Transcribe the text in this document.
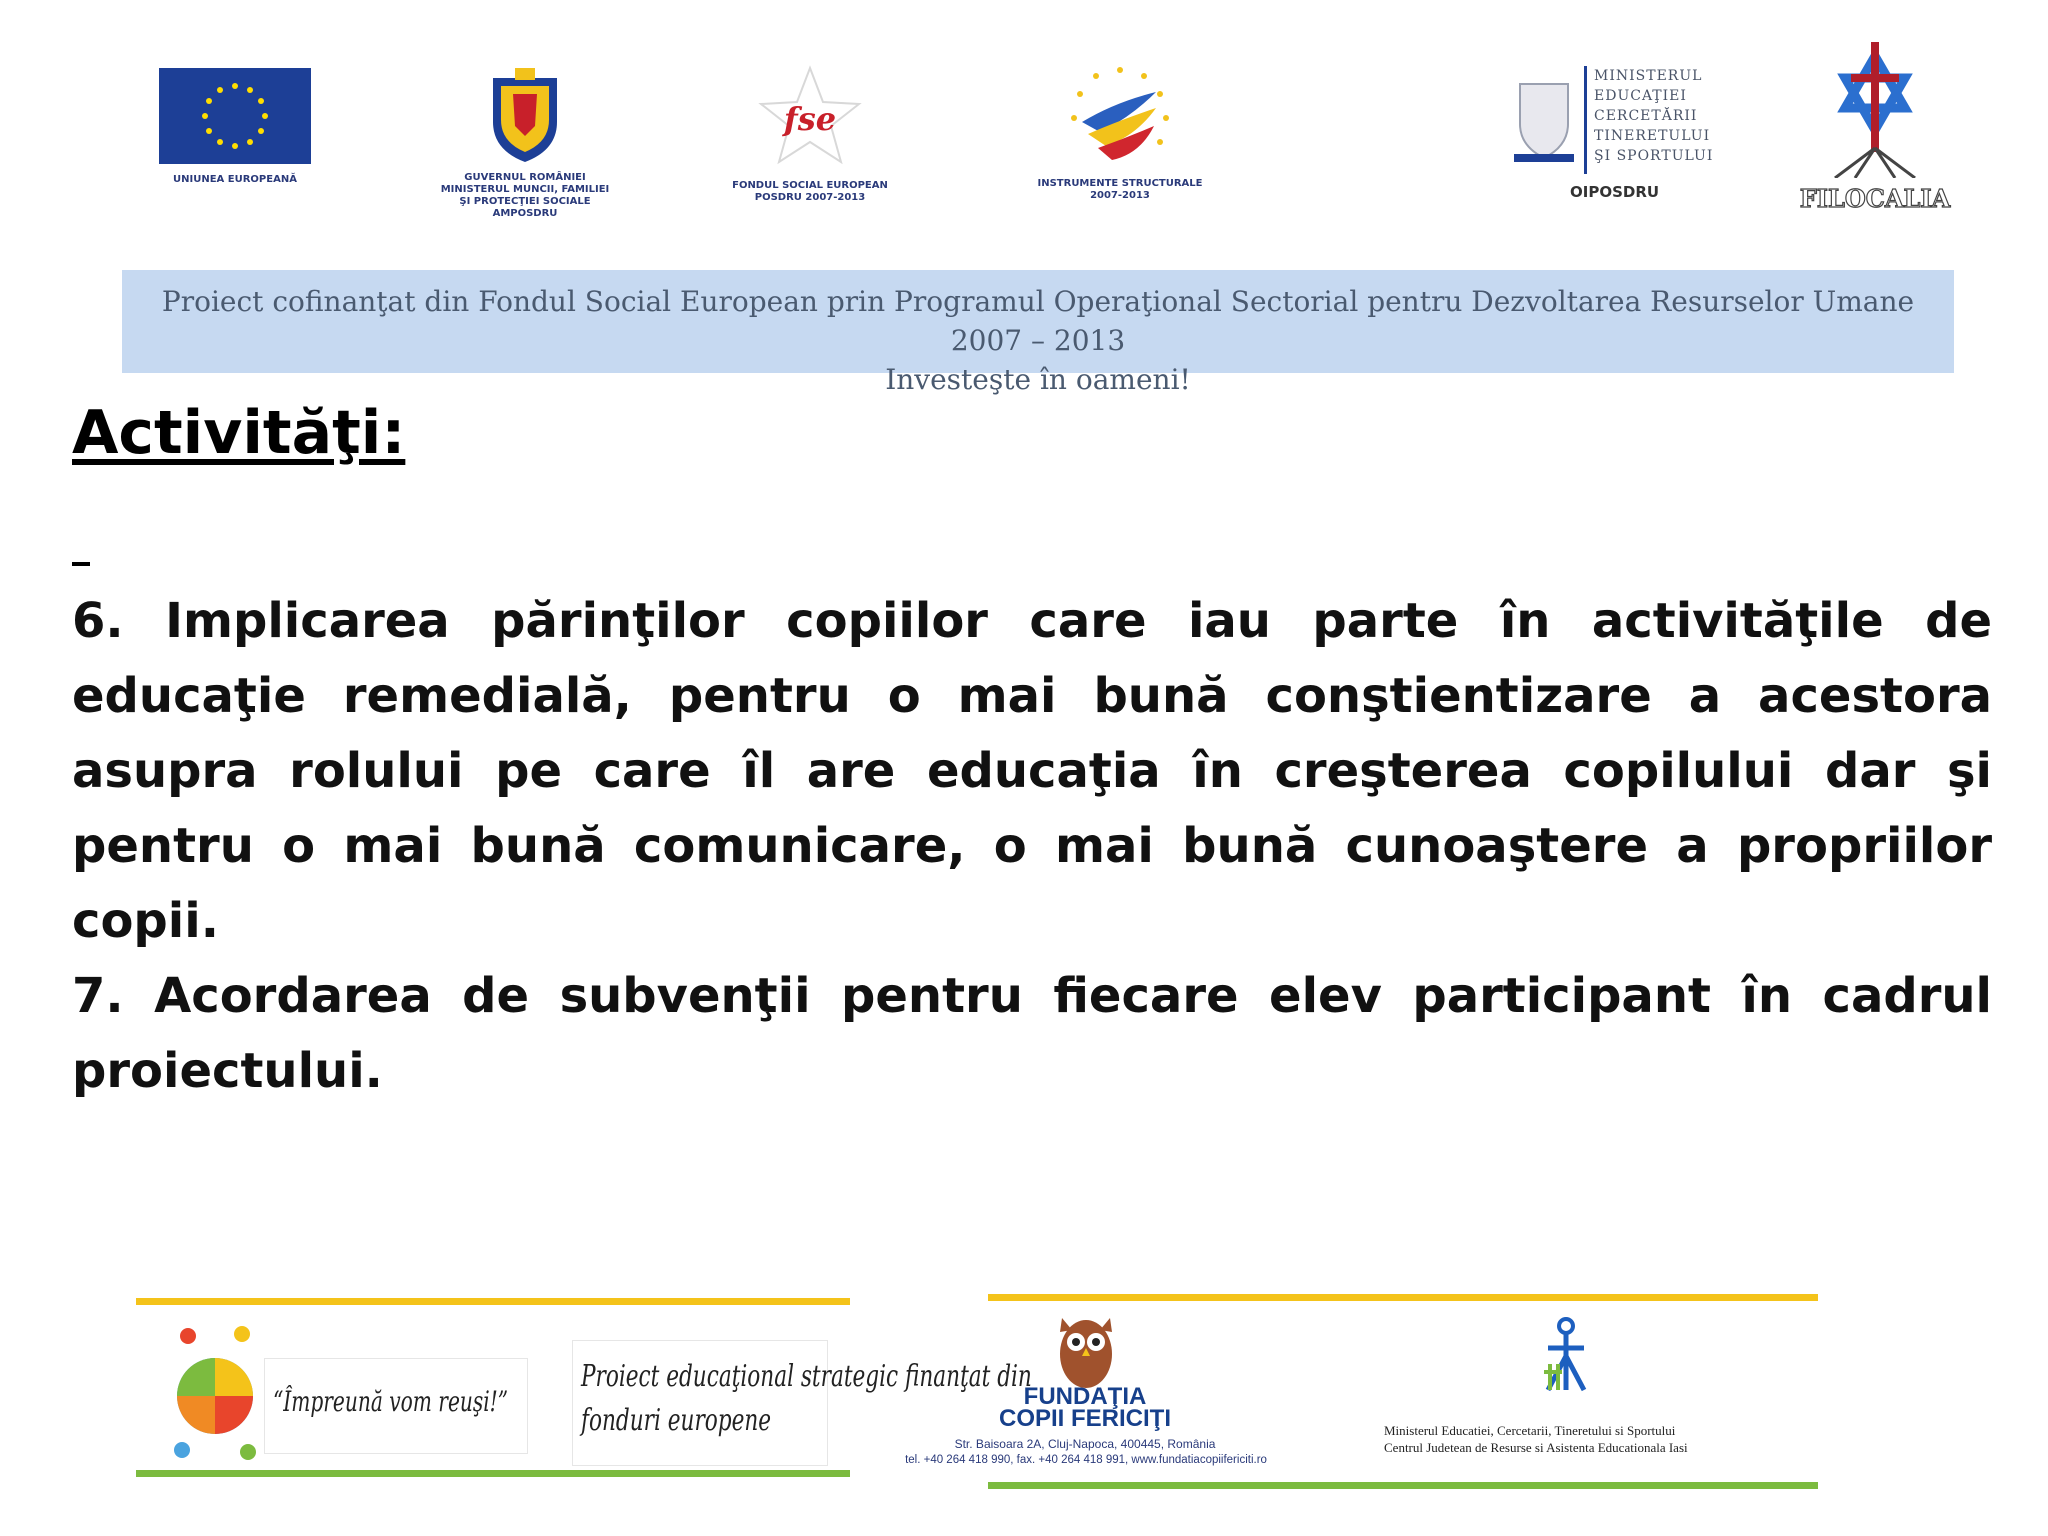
UNIUNEA EUROPEANĂ	GUVERNUL ROMÂNIEI
MINISTERUL MUNCII, FAMILIEI
ŞI PROTECŢIEI SOCIALE
AMPOSDRU
fse
FONDUL SOCIAL EUROPEAN
POSDRU 2007-2013
INSTRUMENTE STRUCTURALE
2007-2013
MINISTERUL
EDUCAŢIEI
CERCETĂRII
TINERETULUI
ŞI SPORTULUI
OIPOSDRU	FILOCALIA
Proiect cofinanţat din Fondul Social European prin Programul Operaţional Sectorial pentru Dezvoltarea Resurselor Umane 2007 – 2013
Investeşte în oameni!
Activităţi:
6. Implicarea părinţilor copiilor care iau parte în activităţile de educaţie remedială, pentru o mai bună conştientizare a acestora asupra rolului pe care îl are educaţia în creşterea copilului dar şi pentru o mai bună comunicare, o mai bună cunoaştere a propriilor copii.
7. Acordarea de subvenţii pentru fiecare elev participant în cadrul proiectului.
“Împreună vom reuşi!”
Proiect educaţional strategic finanţat din
fonduri europene
FUNDAŢIA
COPII FERICIŢI
Str. Baisoara 2A, Cluj-Napoca, 400445, România
tel. +40 264 418 990, fax. +40 264 418 991, www.fundatiacopiifericiti.ro
Ministerul Educatiei, Cercetarii, Tineretului si Sportului
Centrul Judetean de Resurse si Asistenta Educationala Iasi
